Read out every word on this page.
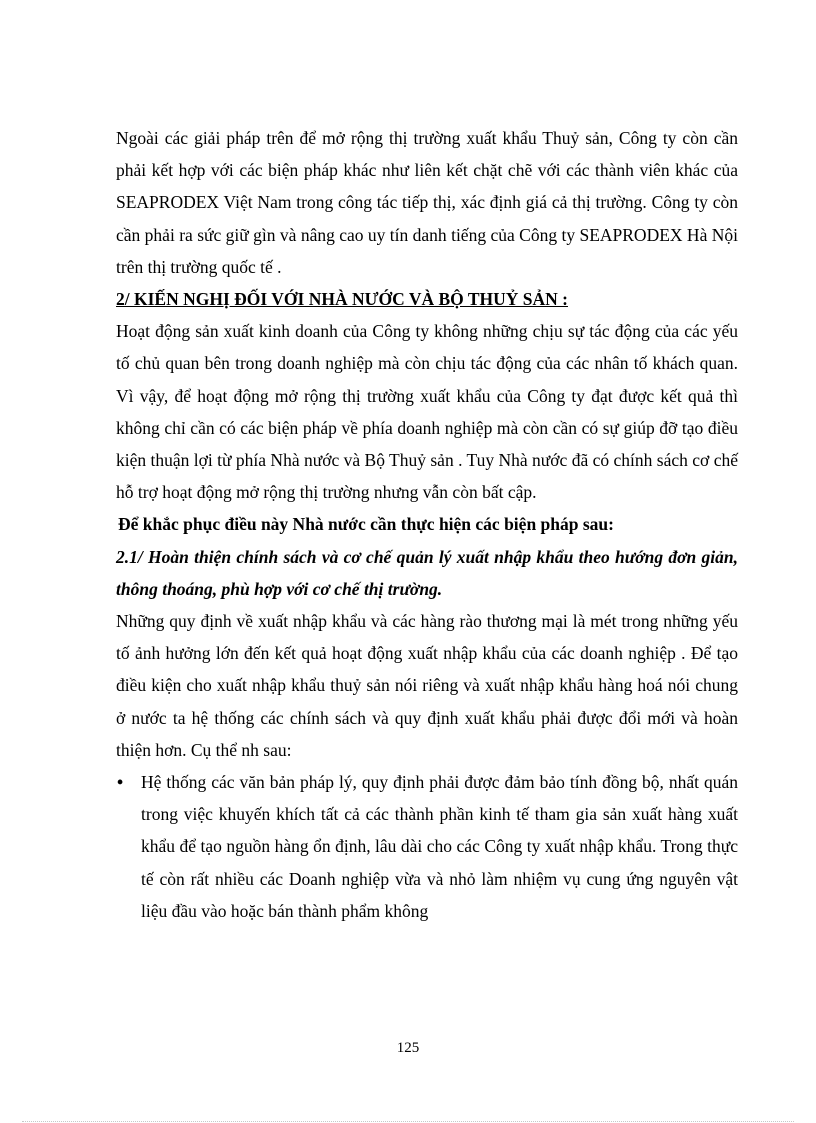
Ngoài các giải pháp trên để mở rộng thị trường xuất khẩu Thuỷ sản, Công ty còn cần phải kết hợp với các biện pháp khác như liên kết chặt chẽ với các thành viên khác của SEAPRODEX Việt Nam trong công tác tiếp thị, xác định giá cả thị trường. Công ty còn cần phải ra sức giữ gìn và nâng cao uy tín danh tiếng của Công ty SEAPRODEX Hà Nội trên thị trường quốc tế .

2/ KIẾN NGHỊ ĐỐI VỚI NHÀ NƯỚC VÀ BỘ THUỶ SẢN :

Hoạt động sản xuất kinh doanh của Công ty không những chịu sự tác động của các yếu tố chủ quan bên trong doanh nghiệp mà còn chịu tác động của các nhân tố khách quan. Vì vậy, để hoạt động mở rộng thị trường xuất khẩu của Công ty đạt được kết quả thì không chỉ cần có các biện pháp về phía doanh nghiệp mà còn cần có sự giúp đỡ tạo điều kiện thuận lợi từ phía Nhà nước và Bộ Thuỷ sản . Tuy Nhà nước đã có chính sách cơ chế hỗ trợ hoạt động mở rộng thị trường nhưng vẫn còn bất cập.

Để khắc phục điều này Nhà nước cần thực hiện các biện pháp sau:

2.1/ Hoàn thiện chính sách và cơ chế quản lý xuất nhập khẩu theo hướng đơn giản, thông thoáng, phù hợp với cơ chế thị trường.

Những quy định về xuất nhập khẩu và các hàng rào thương mại là mét trong những yếu tố ảnh hưởng lớn đến kết quả hoạt động xuất nhập khẩu của các doanh nghiệp . Để tạo điều kiện cho xuất nhập khẩu thuỷ sản nói riêng và xuất nhập khẩu hàng hoá nói chung ở nước ta hệ thống các chính sách và quy định xuất khẩu phải được đổi mới và hoàn thiện hơn. Cụ thể nh sau:

• Hệ thống các văn bản pháp lý, quy định phải được đảm bảo tính đồng bộ, nhất quán trong việc khuyến khích tất cả các thành phần kinh tế tham gia sản xuất hàng xuất khẩu để tạo nguồn hàng ổn định, lâu dài cho các Công ty xuất nhập khẩu. Trong thực tế còn rất nhiều các Doanh nghiệp vừa và nhỏ làm nhiệm vụ cung ứng nguyên vật liệu đầu vào hoặc bán thành phẩm không
125
